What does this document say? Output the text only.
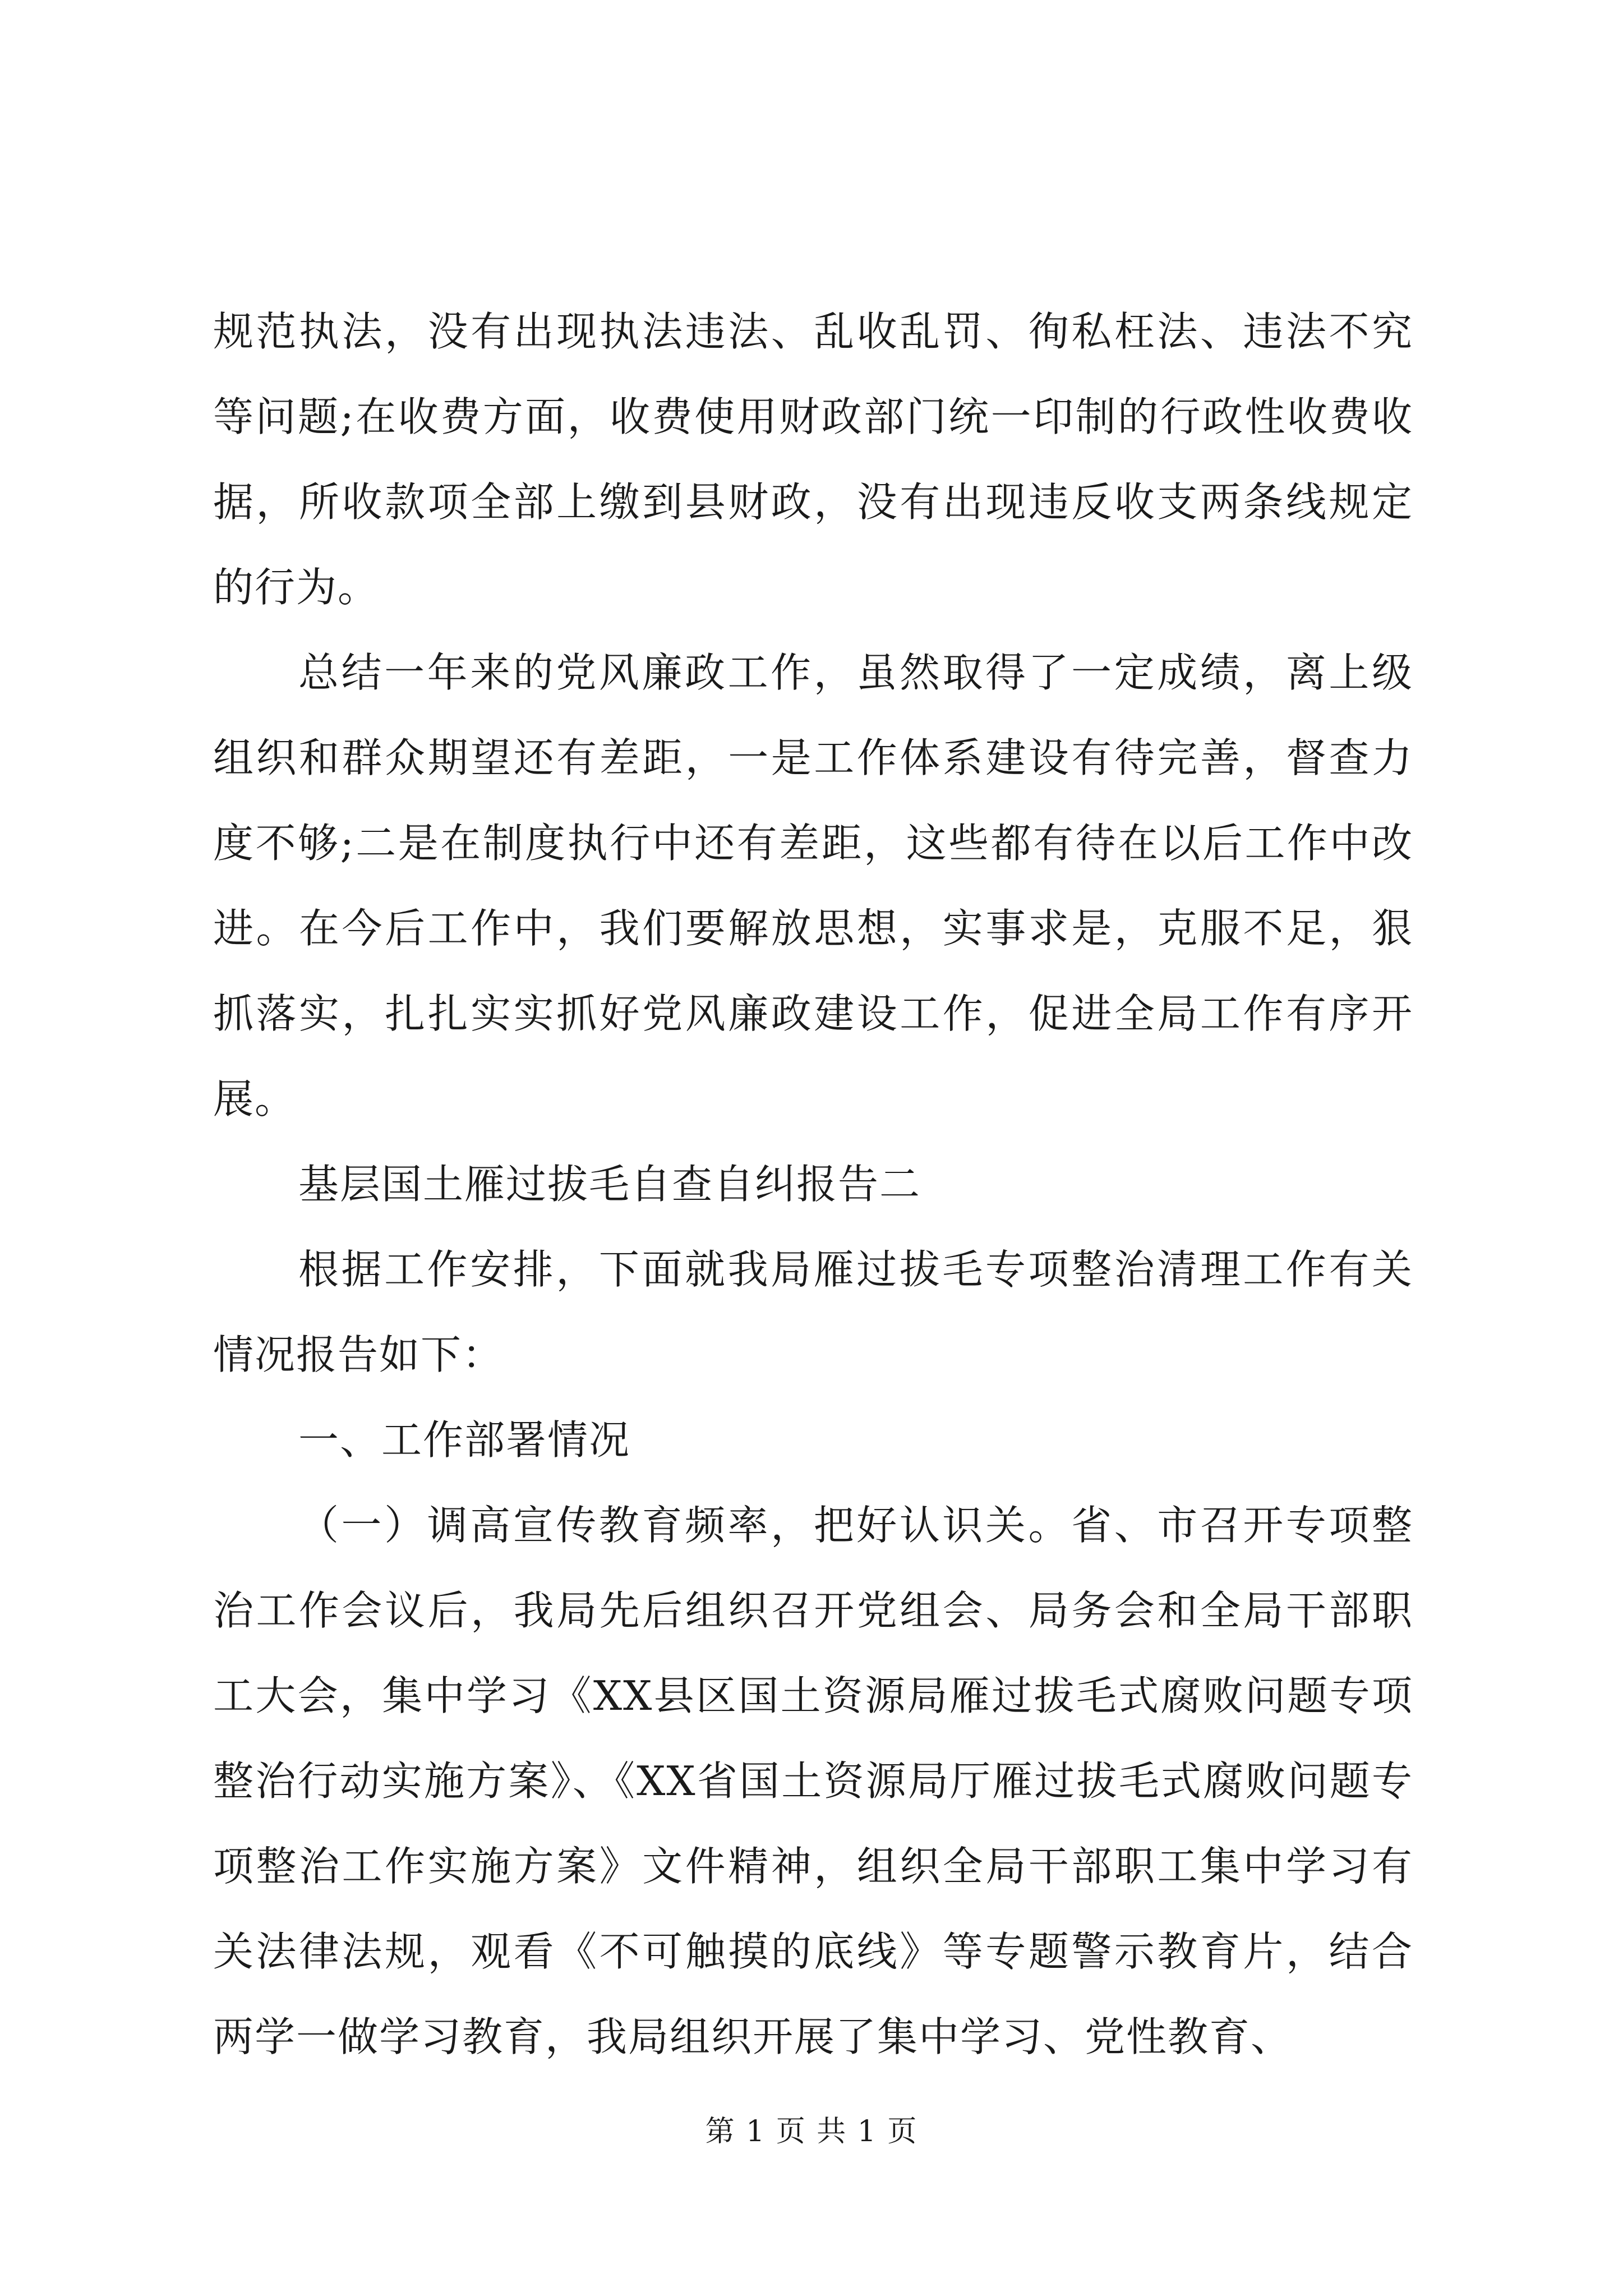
规范执法，没有出现执法违法、乱收乱罚、徇私枉法、违法不究等问题;在收费方面，收费使用财政部门统一印制的行政性收费收据，所收款项全部上缴到县财政，没有出现违反收支两条线规定的行为。

总结一年来的党风廉政工作，虽然取得了一定成绩，离上级组织和群众期望还有差距，一是工作体系建设有待完善，督查力度不够;二是在制度执行中还有差距，这些都有待在以后工作中改进。在今后工作中，我们要解放思想，实事求是，克服不足，狠抓落实，扎扎实实抓好党风廉政建设工作，促进全局工作有序开展。

基层国土雁过拔毛自查自纠报告二

根据工作安排，下面就我局雁过拔毛专项整治清理工作有关情况报告如下：

一、工作部署情况

（一）调高宣传教育频率，把好认识关。省、市召开专项整治工作会议后，我局先后组织召开党组会、局务会和全局干部职工大会，集中学习《XX县区国土资源局雁过拔毛式腐败问题专项整治行动实施方案》、《XX省国土资源局厅雁过拔毛式腐败问题专项整治工作实施方案》文件精神，组织全局干部职工集中学习有关法律法规，观看《不可触摸的底线》等专题警示教育片，结合两学一做学习教育，我局组织开展了集中学习、党性教育、

第 1 页 共 1 页
